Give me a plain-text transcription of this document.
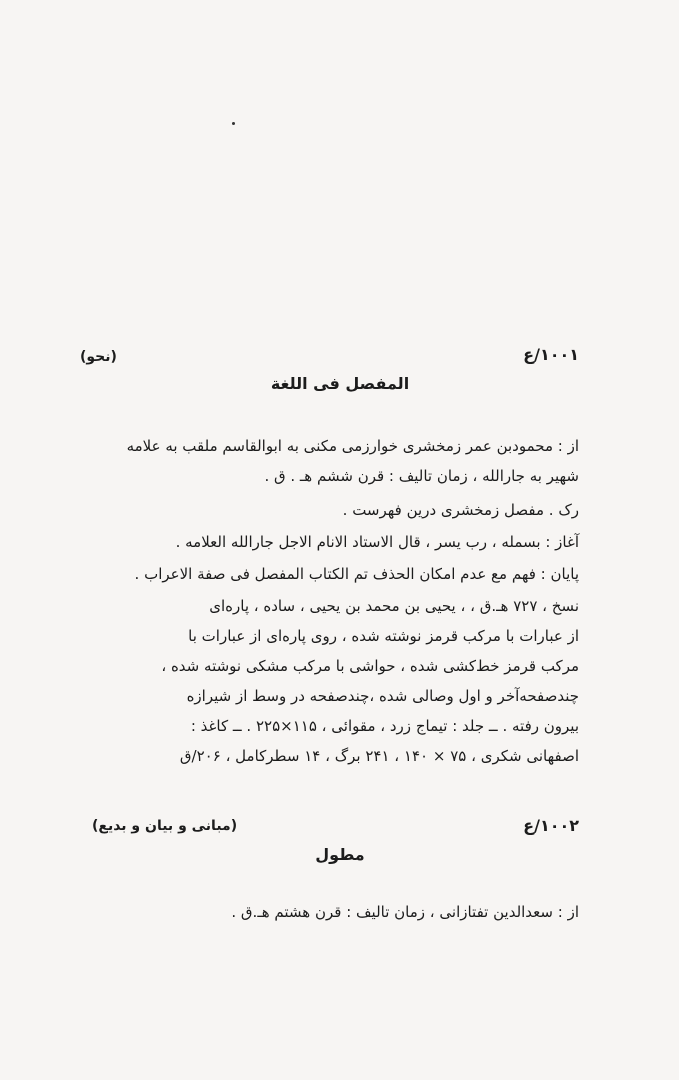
۱۰۰۱/ع
(نحو)
المفصل فی اللغة
از : محمودبن عمر زمخشری خوارزمی مکنی به ابوالقاسم ملقب به علامه
شهیر به جارالله ، زمان تالیف : قرن ششم هـ . ق .
رک . مفصل زمخشری درین فهرست .
آغاز : بسمله ، رب یسر ، قال الاستاد الانام الاجل جارالله العلامه .
پایان : فهم مع عدم امکان الحذف تم الکتاب المفصل فی صفة الاعراب .
نسخ ، ۷۲۷ هـ.ق ، ، یحیی بن محمد بن یحیی ، ساده ، پاره‌ای
از عبارات با مرکب قرمز نوشته شده ، روی پاره‌ای از عبارات با
مرکب قرمز خط‌کشی شده ، حواشی با مرکب مشکی نوشته شده ،
چندصفحه‌آخر و اول وصالی شده ،چندصفحه در وسط از شیرازه
بیرون رفته . ــ جلد : تیماج زرد ، مقوائی ، ۱۱۵×۲۲۵ . ــ کاغذ :
اصفهانی شکری ، ۷۵ × ۱۴۰ ، ۲۴۱ برگ ، ۱۴ سطرکامل ، ۲۰۶/ق
۱۰۰۲/ع
(مبانی و بیان و بدیع)
مطول
از : سعدالدین تفتازانی ، زمان تالیف : قرن هشتم هـ.ق .
